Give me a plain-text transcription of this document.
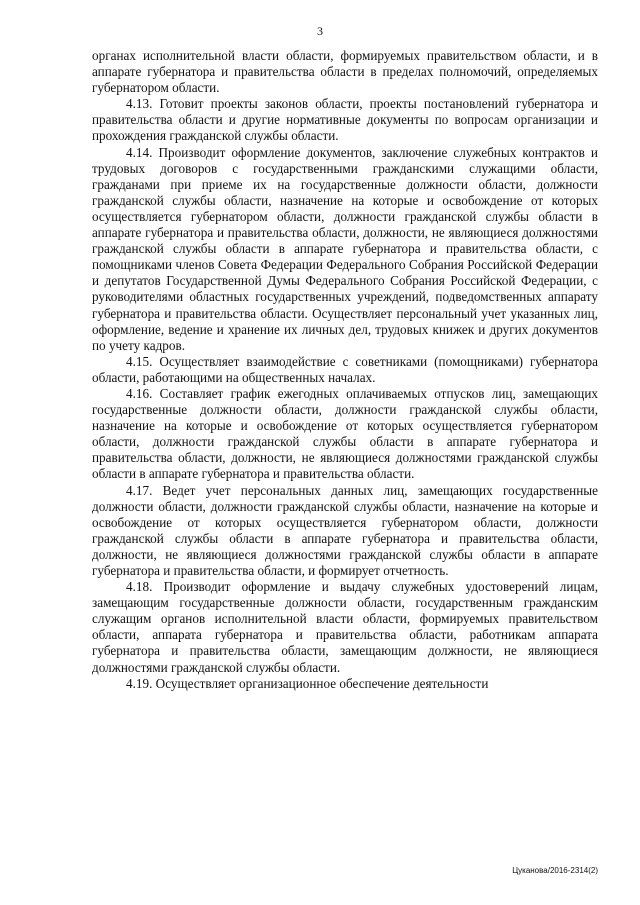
3

органах исполнительной власти области, формируемых правительством области, и в аппарате губернатора и правительства области в пределах полномочий, определяемых губернатором области.

4.13. Готовит проекты законов области, проекты постановлений губернатора и правительства области и другие нормативные документы по вопросам организации и прохождения гражданской службы области.

4.14. Производит оформление документов, заключение служебных контрактов и трудовых договоров с государственными гражданскими служащими области, гражданами при приеме их на государственные должности области, должности гражданской службы области, назначение на которые и освобождение от которых осуществляется губернатором области, должности гражданской службы области в аппарате губернатора и правительства области, должности, не являющиеся должностями гражданской службы области в аппарате губернатора и правительства области, с помощниками членов Совета Федерации Федерального Собрания Российской Федерации и депутатов Государственной Думы Федерального Собрания Российской Федерации, с руководителями областных государственных учреждений, подведомственных аппарату губернатора и правительства области. Осуществляет персональный учет указанных лиц, оформление, ведение и хранение их личных дел, трудовых книжек и других документов по учету кадров.

4.15. Осуществляет взаимодействие с советниками (помощниками) губернатора области, работающими на общественных началах.

4.16. Составляет график ежегодных оплачиваемых отпусков лиц, замещающих государственные должности области, должности гражданской службы области, назначение на которые и освобождение от которых осуществляется губернатором области, должности гражданской службы области в аппарате губернатора и правительства области, должности, не являющиеся должностями гражданской службы области в аппарате губернатора и правительства области.

4.17. Ведет учет персональных данных лиц, замещающих государственные должности области, должности гражданской службы области, назначение на которые и освобождение от которых осуществляется губернатором области, должности гражданской службы области в аппарате губернатора и правительства области, должности, не являющиеся должностями гражданской службы области в аппарате губернатора и правительства области, и формирует отчетность.

4.18. Производит оформление и выдачу служебных удостоверений лицам, замещающим государственные должности области, государственным гражданским служащим органов исполнительной власти области, формируемых правительством области, аппарата губернатора и правительства области, работникам аппарата губернатора и правительства области, замещающим должности, не являющиеся должностями гражданской службы области.

4.19. Осуществляет организационное обеспечение деятельности

Цуканова/2016-2314(2)
